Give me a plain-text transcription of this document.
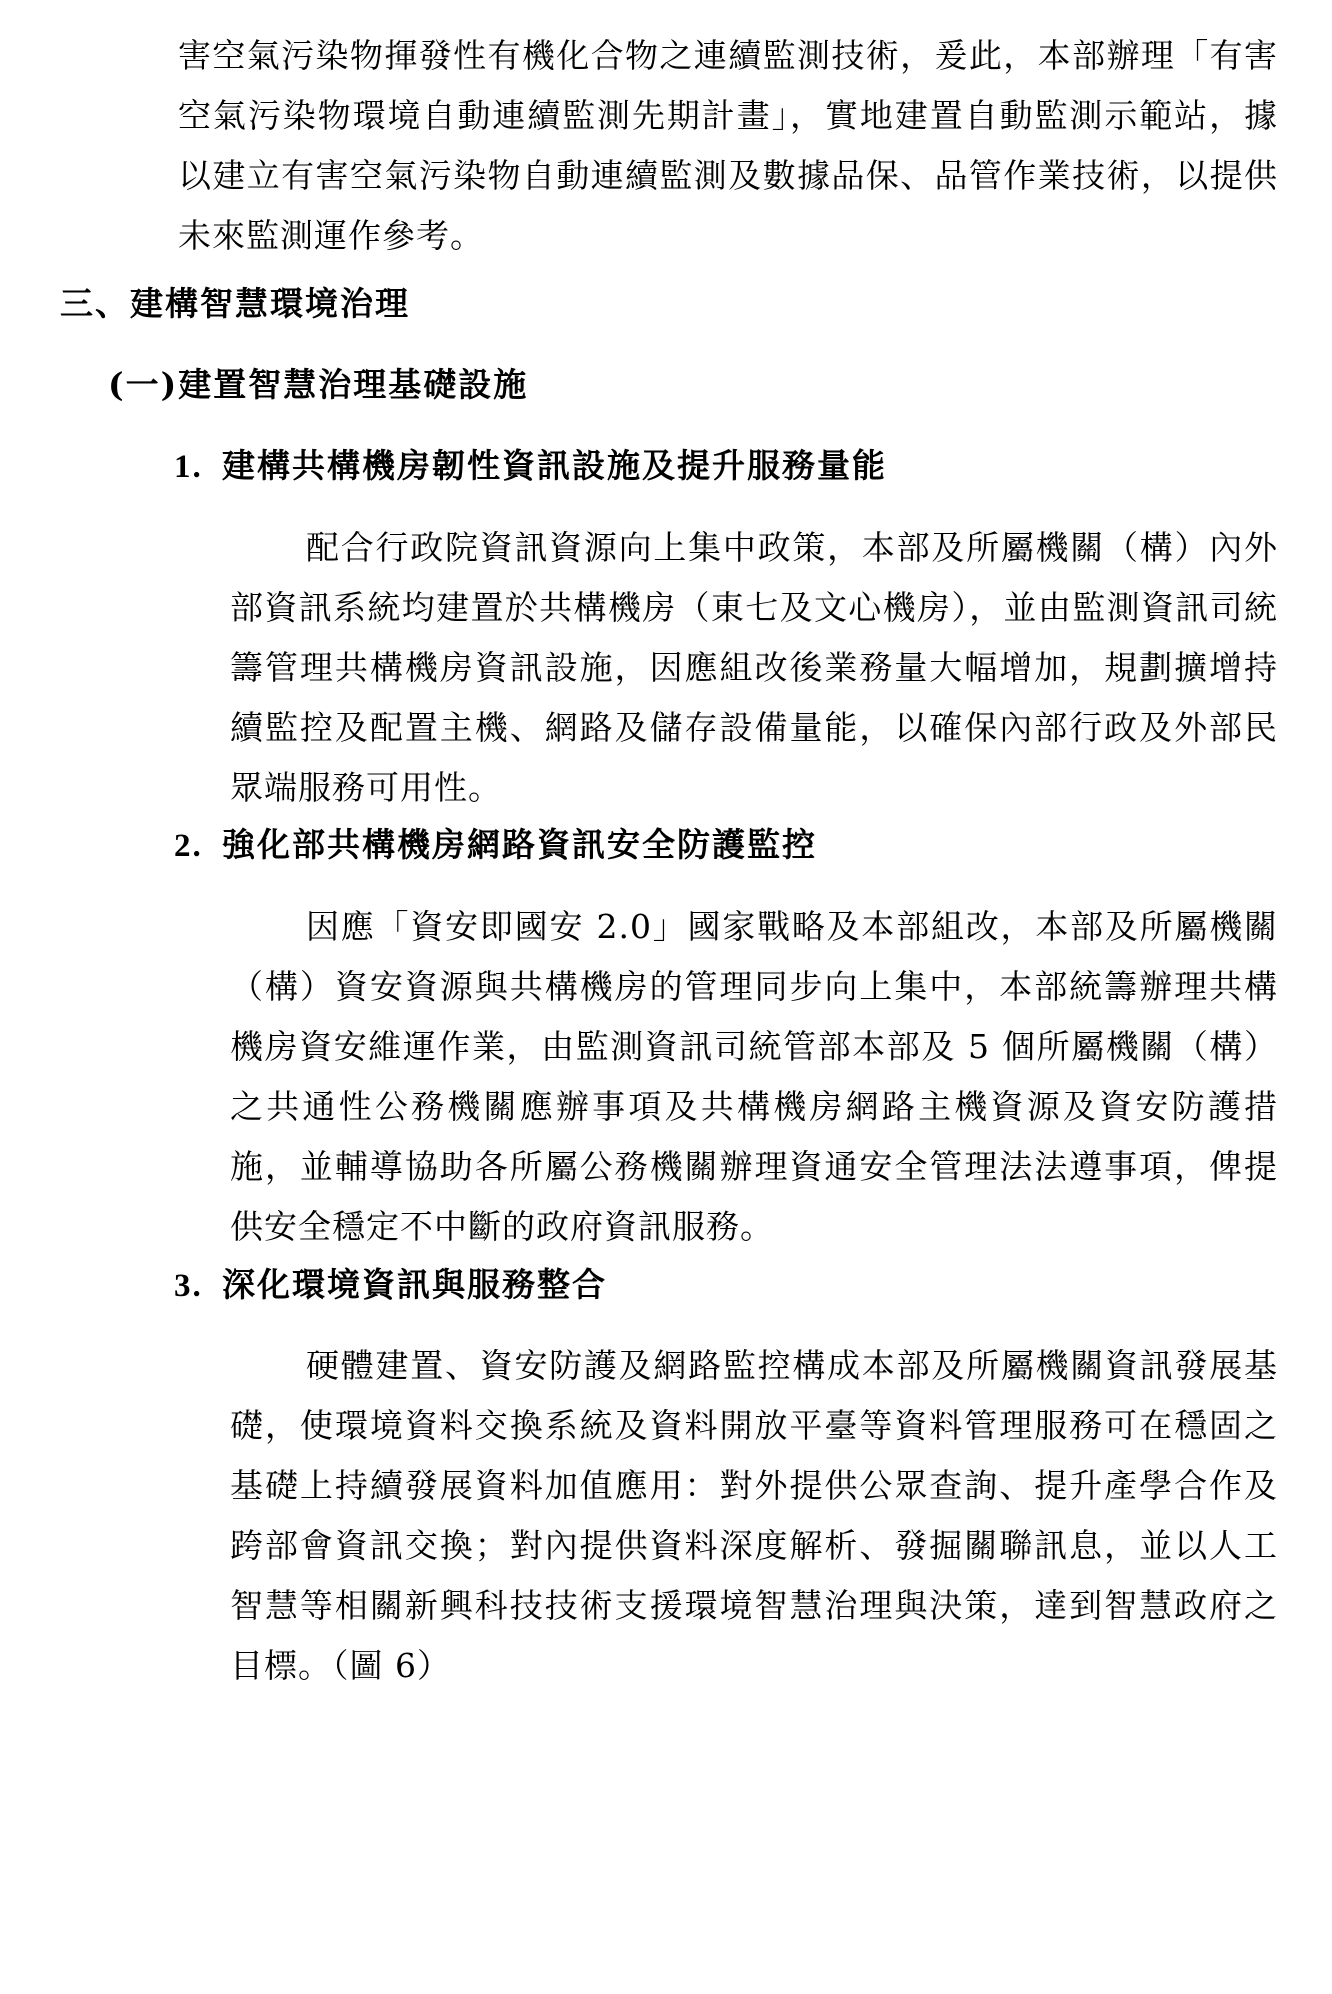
害空氣污染物揮發性有機化合物之連續監測技術，爰此，本部辦理「有害空氣污染物環境自動連續監測先期計畫」，實地建置自動監測示範站，據以建立有害空氣污染物自動連續監測及數據品保、品管作業技術，以提供未來監測運作參考。

三、建構智慧環境治理
(一)建置智慧治理基礎設施
1. 建構共構機房韌性資訊設施及提升服務量能

配合行政院資訊資源向上集中政策，本部及所屬機關（構）內外部資訊系統均建置於共構機房（東七及文心機房），並由監測資訊司統籌管理共構機房資訊設施，因應組改後業務量大幅增加，規劃擴增持續監控及配置主機、網路及儲存設備量能，以確保內部行政及外部民眾端服務可用性。

2. 強化部共構機房網路資訊安全防護監控

因應「資安即國安 2.0」國家戰略及本部組改，本部及所屬機關（構）資安資源與共構機房的管理同步向上集中，本部統籌辦理共構機房資安維運作業，由監測資訊司統管部本部及 5 個所屬機關（構）之共通性公務機關應辦事項及共構機房網路主機資源及資安防護措施，並輔導協助各所屬公務機關辦理資通安全管理法法遵事項，俾提供安全穩定不中斷的政府資訊服務。

3. 深化環境資訊與服務整合

硬體建置、資安防護及網路監控構成本部及所屬機關資訊發展基礎，使環境資料交換系統及資料開放平臺等資料管理服務可在穩固之基礎上持續發展資料加值應用：對外提供公眾查詢、提升產學合作及跨部會資訊交換；對內提供資料深度解析、發掘關聯訊息，並以人工智慧等相關新興科技技術支援環境智慧治理與決策，達到智慧政府之目標。（圖 6）
